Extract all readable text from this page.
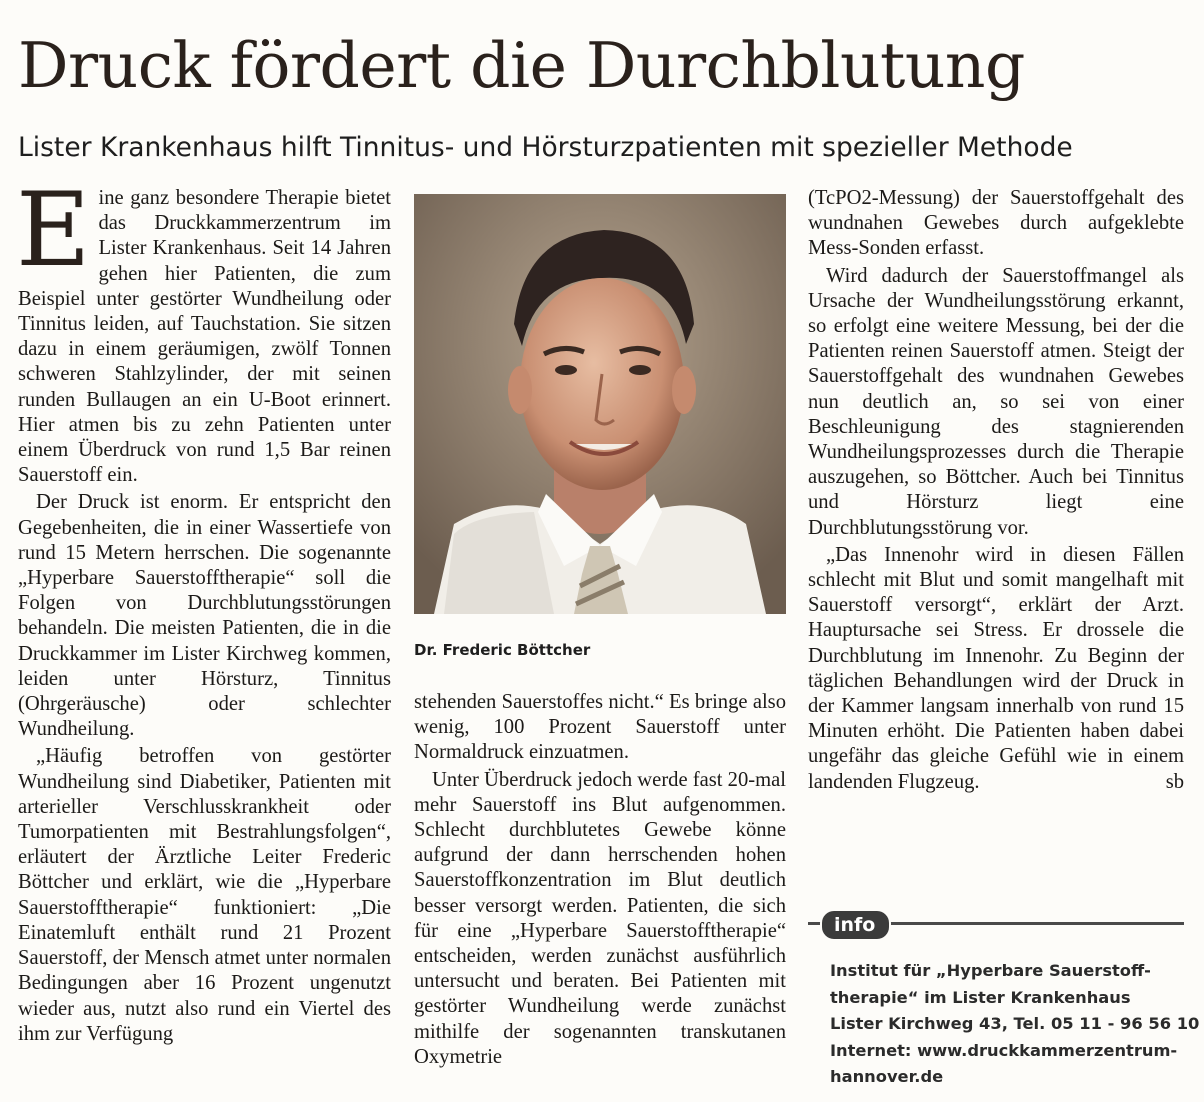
Druck fördert die Durchblutung
Lister Krankenhaus hilft Tinnitus- und Hörsturzpatienten mit spezieller Methode

Eine ganz besondere Therapie bietet das Druckkammerzentrum im Lister Krankenhaus. Seit 14 Jahren gehen hier Patienten, die zum Beispiel unter gestörter Wundheilung oder Tinnitus leiden, auf Tauchstation. Sie sitzen dazu in einem geräumigen, zwölf Tonnen schweren Stahlzylinder, der mit seinen runden Bullaugen an ein U-Boot erinnert. Hier atmen bis zu zehn Patienten unter einem Überdruck von rund 1,5 Bar reinen Sauerstoff ein.

Der Druck ist enorm. Er entspricht den Gegebenheiten, die in einer Wassertiefe von rund 15 Metern herrschen. Die sogenannte „Hyperbare Sauerstofftherapie“ soll die Folgen von Durchblutungsstörungen behandeln. Die meisten Patienten, die in die Druckkammer im Lister Kirchweg kommen, leiden unter Hörsturz, Tinnitus (Ohrgeräusche) oder schlechter Wundheilung.

„Häufig betroffen von gestörter Wundheilung sind Diabetiker, Patienten mit arterieller Verschlusskrankheit oder Tumorpatienten mit Bestrahlungsfolgen“, erläutert der Ärztliche Leiter Frederic Böttcher und erklärt, wie die „Hyperbare Sauerstofftherapie“ funktioniert: „Die Einatemluft enthält rund 21 Prozent Sauerstoff, der Mensch atmet unter normalen Bedingungen aber 16 Prozent ungenutzt wieder aus, nutzt also rund ein Viertel des ihm zur Verfügung

Dr. Frederic Böttcher

stehenden Sauerstoffes nicht.“ Es bringe also wenig, 100 Prozent Sauerstoff unter Normaldruck einzuatmen.

Unter Überdruck jedoch werde fast 20-mal mehr Sauerstoff ins Blut aufgenommen. Schlecht durchblutetes Gewebe könne aufgrund der dann herrschenden hohen Sauerstoffkonzentration im Blut deutlich besser versorgt werden. Patienten, die sich für eine „Hyperbare Sauerstofftherapie“ entscheiden, werden zunächst ausführlich untersucht und beraten. Bei Patienten mit gestörter Wundheilung werde zunächst mithilfe der sogenannten transkutanen Oxymetrie

(TcPO2-Messung) der Sauerstoffgehalt des wundnahen Gewebes durch aufgeklebte Mess-Sonden erfasst.

Wird dadurch der Sauerstoffmangel als Ursache der Wundheilungsstörung erkannt, so erfolgt eine weitere Messung, bei der die Patienten reinen Sauerstoff atmen. Steigt der Sauerstoffgehalt des wundnahen Gewebes nun deutlich an, so sei von einer Beschleunigung des stagnierenden Wundheilungsprozesses durch die Therapie auszugehen, so Böttcher. Auch bei Tinnitus und Hörsturz liegt eine Durchblutungsstörung vor.

„Das Innenohr wird in diesen Fällen schlecht mit Blut und somit mangelhaft mit Sauerstoff versorgt“, erklärt der Arzt. Hauptursache sei Stress. Er drossele die Durchblutung im Innenohr. Zu Beginn der täglichen Behandlungen wird der Druck in der Kammer langsam innerhalb von rund 15 Minuten erhöht. Die Patienten haben dabei ungefähr das gleiche Gefühl wie in einem landenden Flugzeug.	sb

info

Institut für „Hyperbare Sauerstoff-
therapie“ im Lister Krankenhaus
Lister Kirchweg 43, Tel. 05 11 - 96 56 10
Internet: www.druckkammerzentrum-
hannover.de
